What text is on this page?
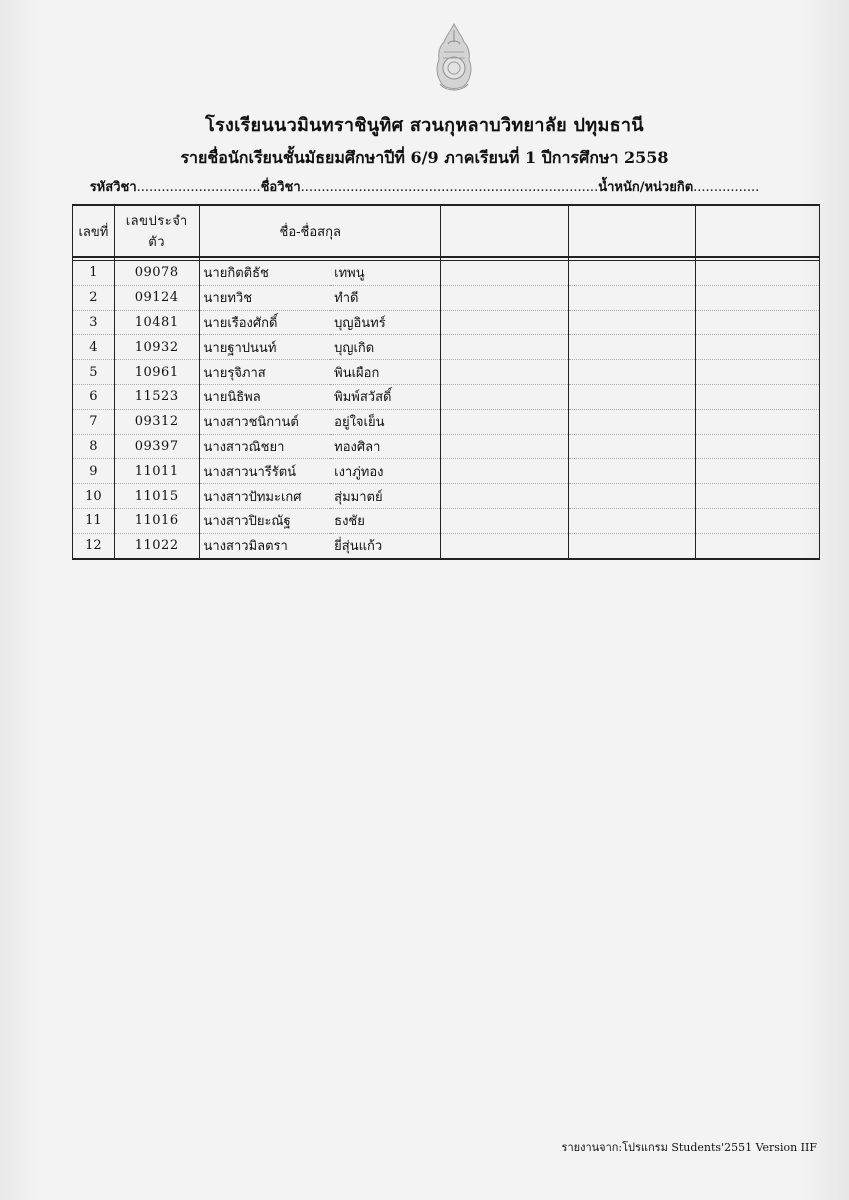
โรงเรียนนวมินทราชินูทิศ สวนกุหลาบวิทยาลัย ปทุมธานี
รายชื่อนักเรียนชั้นมัธยมศึกษาปีที่ 6/9 ภาคเรียนที่ 1 ปีการศึกษา 2558
รหัสวิชา..............................ชื่อวิชา........................................................................น้ำหนัก/หน่วยกิต................
เลขที่	เลขประจำตัว	ชื่อ-ชื่อสกุล				

1	09078	นายกิตติธัช	เทพนู			
2	09124	นายทวิช	ทำดี			
3	10481	นายเรืองศักดิ์	บุญอินทร์			
4	10932	นายฐาปนนท์	บุญเกิด			
5	10961	นายรุจิภาส	พินเผือก			
6	11523	นายนิธิพล	พิมพ์สวัสดิ์			
7	09312	นางสาวชนิกานต์	อยู่ใจเย็น			
8	09397	นางสาวณิชยา	ทองศิลา			
9	11011	นางสาวนารีรัตน์	เงาภู่ทอง			
10	11015	นางสาวปัทมะเกศ	สุ่มมาตย์			
11	11016	นางสาวปิยะณัฐ	ธงชัย			
12	11022	นางสาวมิลตรา	ยี่สุ่นแก้ว			
รายงานจาก:โปรแกรม Students'2551 Version IIF
